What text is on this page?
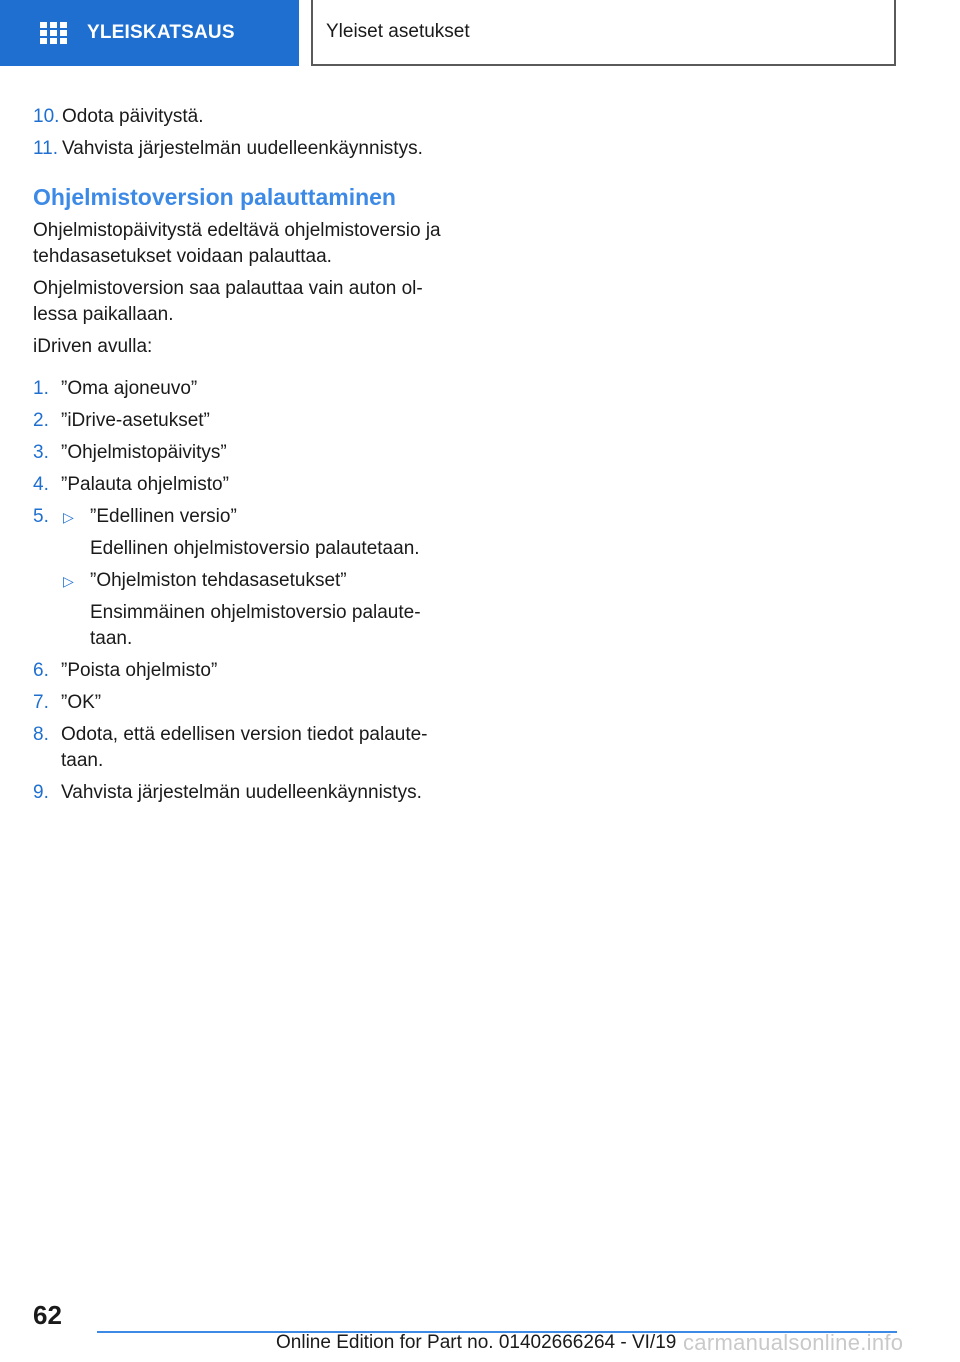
YLEISKATSAUS	Yleiset asetukset
10. Odota päivitystä.
11. Vahvista järjestelmän uudelleenkäynnistys.
Ohjelmistoversion palauttaminen

Ohjelmistopäivitystä edeltävä ohjelmistoversio ja tehdasasetukset voidaan palauttaa.

Ohjelmistoversion saa palauttaa vain auton ol-lessa paikallaan.

iDriven avulla:

1. ”Oma ajoneuvo”
2. ”iDrive-asetukset”
3. ”Ohjelmistopäivitys”
4. ”Palauta ohjelmisto”
5. ▷ ”Edellinen versio”
Edellinen ohjelmistoversio palautetaan.
▷ ”Ohjelmiston tehdasasetukset”
Ensimmäinen ohjelmistoversio palaute-taan.
6. ”Poista ohjelmisto”
7. ”OK”
8. Odota, että edellisen version tiedot palaute-taan.
9. Vahvista järjestelmän uudelleenkäynnistys.
62
Online Edition for Part no. 01402666264 - VI/19 carmanualsonline.info
